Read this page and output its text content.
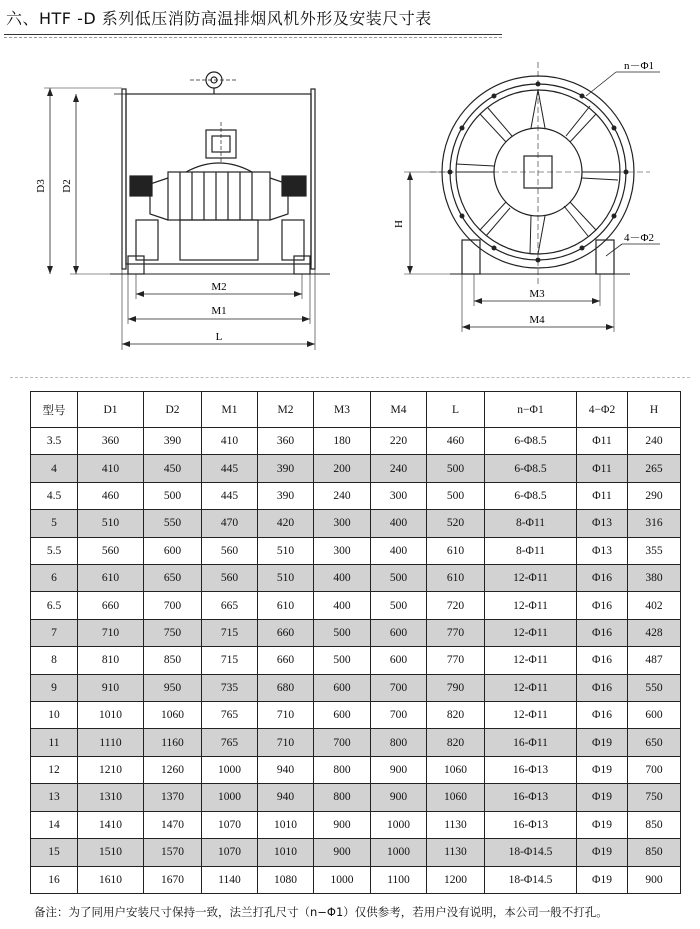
六、HTF -D 系列低压消防高温排烟风机外形及安装尺寸表
D3 D2
M2
M1
L
n－Φ1
4－Φ2
H
M3
M4
型号	D1	D2	M1	M2	M3	M4	L	n−Φ1	4−Φ2	H
3.5	360	390	410	360	180	220	460	6-Φ8.5	Φ11	240
4	410	450	445	390	200	240	500	6-Φ8.5	Φ11	265
4.5	460	500	445	390	240	300	500	6-Φ8.5	Φ11	290
5	510	550	470	420	300	400	520	8-Φ11	Φ13	316
5.5	560	600	560	510	300	400	610	8-Φ11	Φ13	355
6	610	650	560	510	400	500	610	12-Φ11	Φ16	380
6.5	660	700	665	610	400	500	720	12-Φ11	Φ16	402
7	710	750	715	660	500	600	770	12-Φ11	Φ16	428
8	810	850	715	660	500	600	770	12-Φ11	Φ16	487
9	910	950	735	680	600	700	790	12-Φ11	Φ16	550
10	1010	1060	765	710	600	700	820	12-Φ11	Φ16	600
11	1110	1160	765	710	700	800	820	16-Φ11	Φ19	650
12	1210	1260	1000	940	800	900	1060	16-Φ13	Φ19	700
13	1310	1370	1000	940	800	900	1060	16-Φ13	Φ19	750
14	1410	1470	1070	1010	900	1000	1130	16-Φ13	Φ19	850
15	1510	1570	1070	1010	900	1000	1130	18-Φ14.5	Φ19	850
16	1610	1670	1140	1080	1000	1100	1200	18-Φ14.5	Φ19	900
备注：为了同用户安装尺寸保持一致，法兰打孔尺寸（n−Φ1）仅供参考，若用户没有说明，本公司一般不打孔。
